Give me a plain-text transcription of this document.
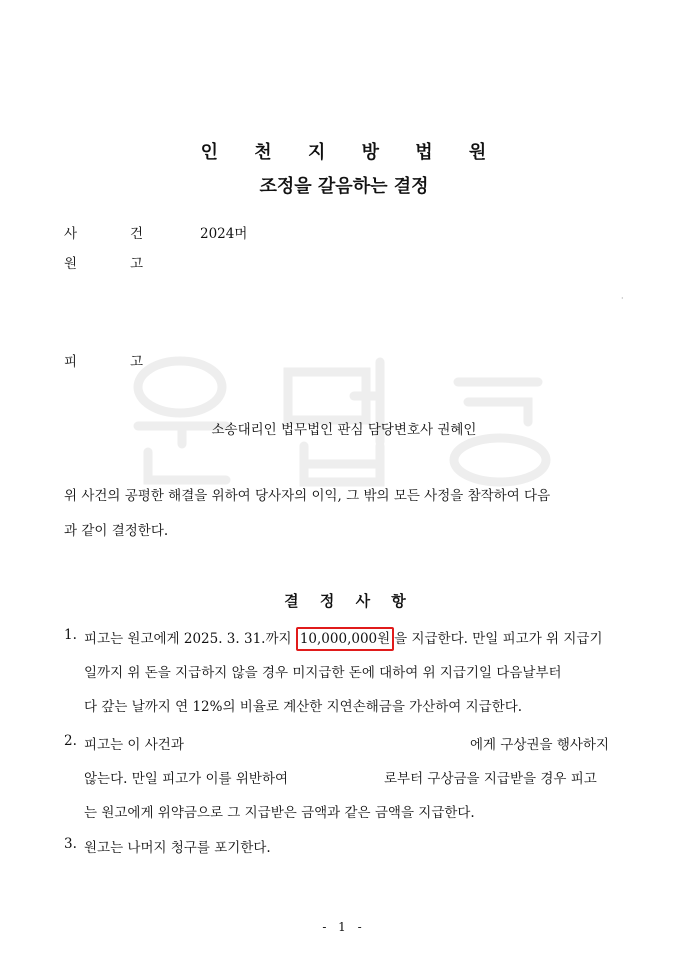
인 천 지 방 법 원
조정을 갈음하는 결정
사	건	2024머
원	고
·
피	고
소송대리인 법무법인 판심 담당변호사 권혜인
위 사건의 공평한 해결을 위하여 당사자의 이익, 그 밖의 모든 사정을 참작하여 다음
과 같이 결정한다.
결 정 사 항
1. 피고는 원고에게 2025. 3. 31.까지 10,000,000원 을 지급한다. 만일 피고가 위 지급기
일까지 위 돈을 지급하지 않을 경우 미지급한 돈에 대하여 위 지급기일 다음날부터
다 갚는 날까지 연 12%의 비율로 계산한 지연손해금을 가산하여 지급한다.
2. 피고는 이 사건과	에게 구상권을 행사하지
않는다. 만일 피고가 이를 위반하여	로부터 구상금을 지급받을 경우 피고
는 원고에게 위약금으로 그 지급받은 금액과 같은 금액을 지급한다.
3. 원고는 나머지 청구를 포기한다.
- 1 -
